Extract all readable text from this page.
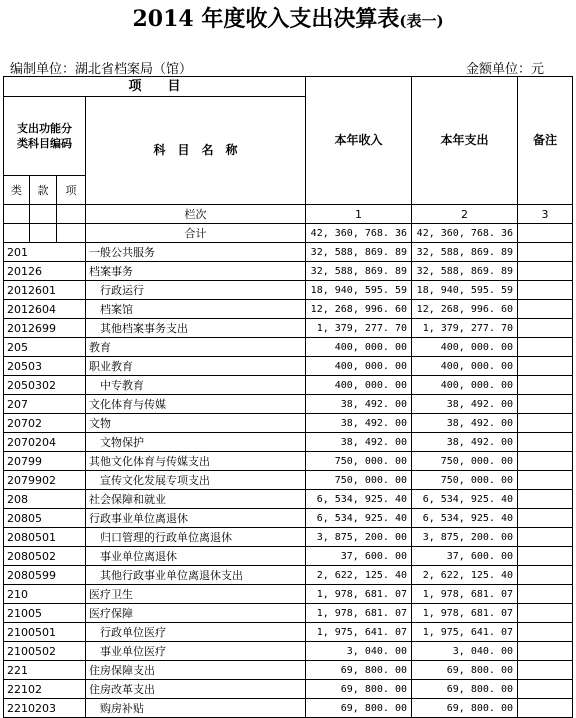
2014 年度收入支出决算表(表一)
编制单位：湖北省档案局（馆）	金额单位：元
项　　目				本年收入	本年支出	备注
支出功能分
类科目编码			科　目　名　称			
类	款	项				
			栏次	1	2	3
			合计	42, 360, 768. 36	42, 360, 768. 36	
201			一般公共服务	32, 588, 869. 89	32, 588, 869. 89	
20126			档案事务	32, 588, 869. 89	32, 588, 869. 89	
2012601			行政运行	18, 940, 595. 59	18, 940, 595. 59	
2012604			档案馆	12, 268, 996. 60	12, 268, 996. 60	
2012699			其他档案事务支出	1, 379, 277. 70	1, 379, 277. 70	
205			教育	400, 000. 00	400, 000. 00	
20503			职业教育	400, 000. 00	400, 000. 00	
2050302			中专教育	400, 000. 00	400, 000. 00	
207			文化体育与传媒	38, 492. 00	38, 492. 00	
20702			文物	38, 492. 00	38, 492. 00	
2070204			文物保护	38, 492. 00	38, 492. 00	
20799			其他文化体育与传媒支出	750, 000. 00	750, 000. 00	
2079902			宣传文化发展专项支出	750, 000. 00	750, 000. 00	
208			社会保障和就业	6, 534, 925. 40	6, 534, 925. 40	
20805			行政事业单位离退休	6, 534, 925. 40	6, 534, 925. 40	
2080501			归口管理的行政单位离退休	3, 875, 200. 00	3, 875, 200. 00	
2080502			事业单位离退休	37, 600. 00	37, 600. 00	
2080599			其他行政事业单位离退休支出	2, 622, 125. 40	2, 622, 125. 40	
210			医疗卫生	1, 978, 681. 07	1, 978, 681. 07	
21005			医疗保障	1, 978, 681. 07	1, 978, 681. 07	
2100501			行政单位医疗	1, 975, 641. 07	1, 975, 641. 07	
2100502			事业单位医疗	3, 040. 00	3, 040. 00	
221			住房保障支出	69, 800. 00	69, 800. 00	
22102			住房改革支出	69, 800. 00	69, 800. 00	
2210203			购房补贴	69, 800. 00	69, 800. 00	
